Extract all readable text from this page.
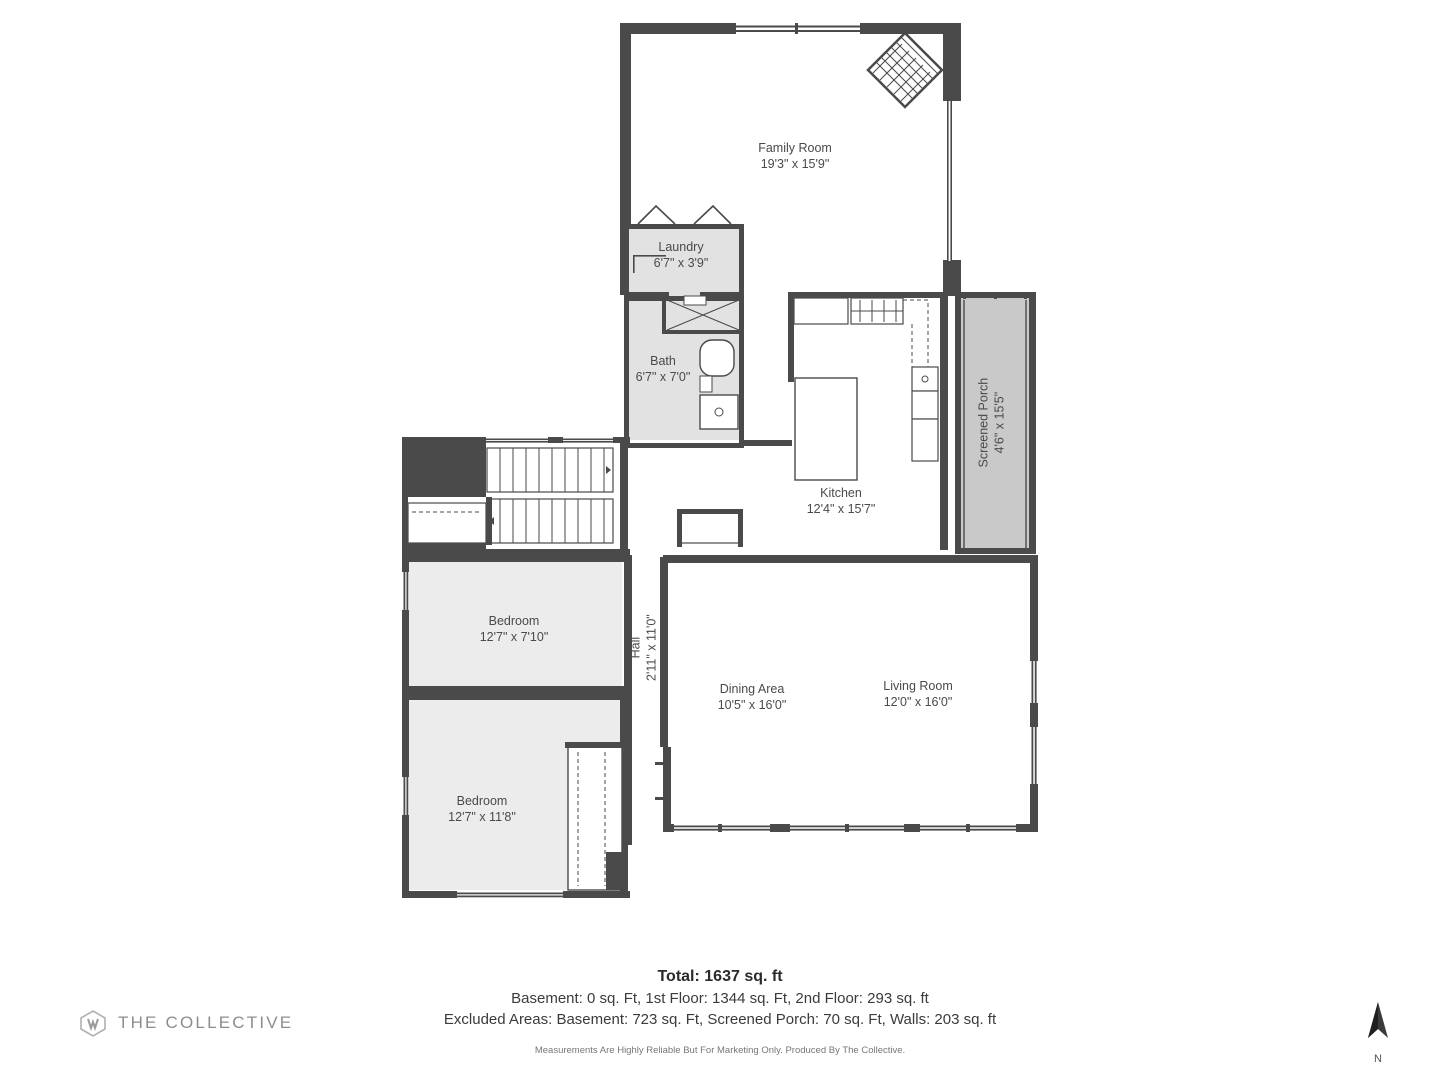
Family Room
19'3" x 15'9"
Laundry
6'7" x 3'9"
Bath
6'7" x 7'0"
Screened Porch 4'6" x 15'5"
Kitchen
12'4" x 15'7"
Bedroom
12'7" x 7'10"
Hall 2'11" x 11'0"
Dining Area
10'5" x 16'0"
Living Room
12'0" x 16'0"
Bedroom
12'7" x 11'8"
Total: 1637 sq. ft
Basement: 0 sq. Ft, 1st Floor: 1344 sq. Ft, 2nd Floor: 293 sq. ft
Excluded Areas: Basement: 723 sq. Ft, Screened Porch: 70 sq. Ft, Walls: 203 sq. ft
Measurements Are Highly Reliable But For Marketing Only. Produced By The Collective.
THE COLLECTIVE
N
